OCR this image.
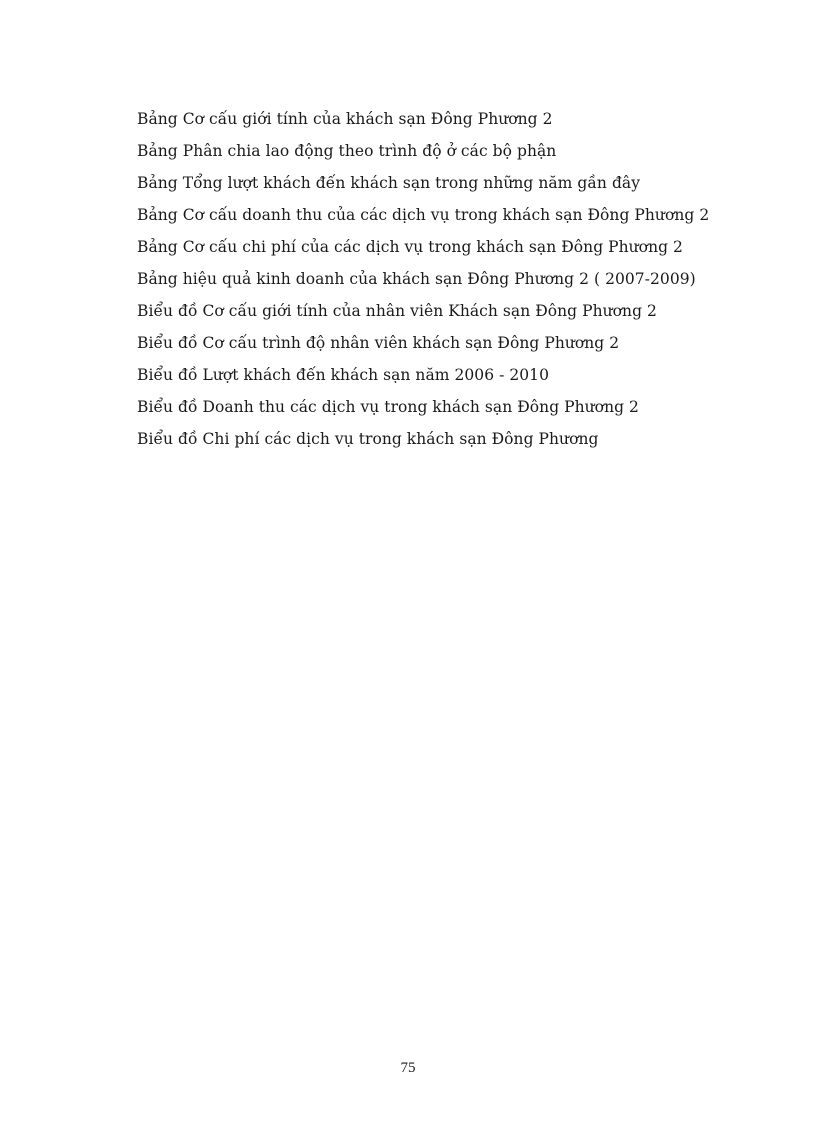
Bảng Cơ cấu giới tính của khách sạn Đông Phương 2
Bảng Phân chia lao động theo trình độ ở các bộ phận
Bảng Tổng lượt khách đến khách sạn trong những năm gần đây
Bảng Cơ cấu doanh thu của các dịch vụ trong khách sạn Đông Phương 2
Bảng Cơ cấu chi phí của các dịch vụ trong khách sạn Đông Phương 2
Bảng hiệu quả kinh doanh của khách sạn Đông Phương 2 ( 2007-2009)
Biểu đồ Cơ cấu giới tính của nhân viên Khách sạn Đông Phương 2
Biểu đồ Cơ cấu trình độ nhân viên khách sạn Đông Phương 2
Biểu đồ Lượt khách đến khách sạn năm 2006 - 2010
Biểu đồ Doanh thu các dịch vụ trong khách sạn Đông Phương 2
Biểu đồ Chi phí các dịch vụ trong khách sạn Đông Phương
75
